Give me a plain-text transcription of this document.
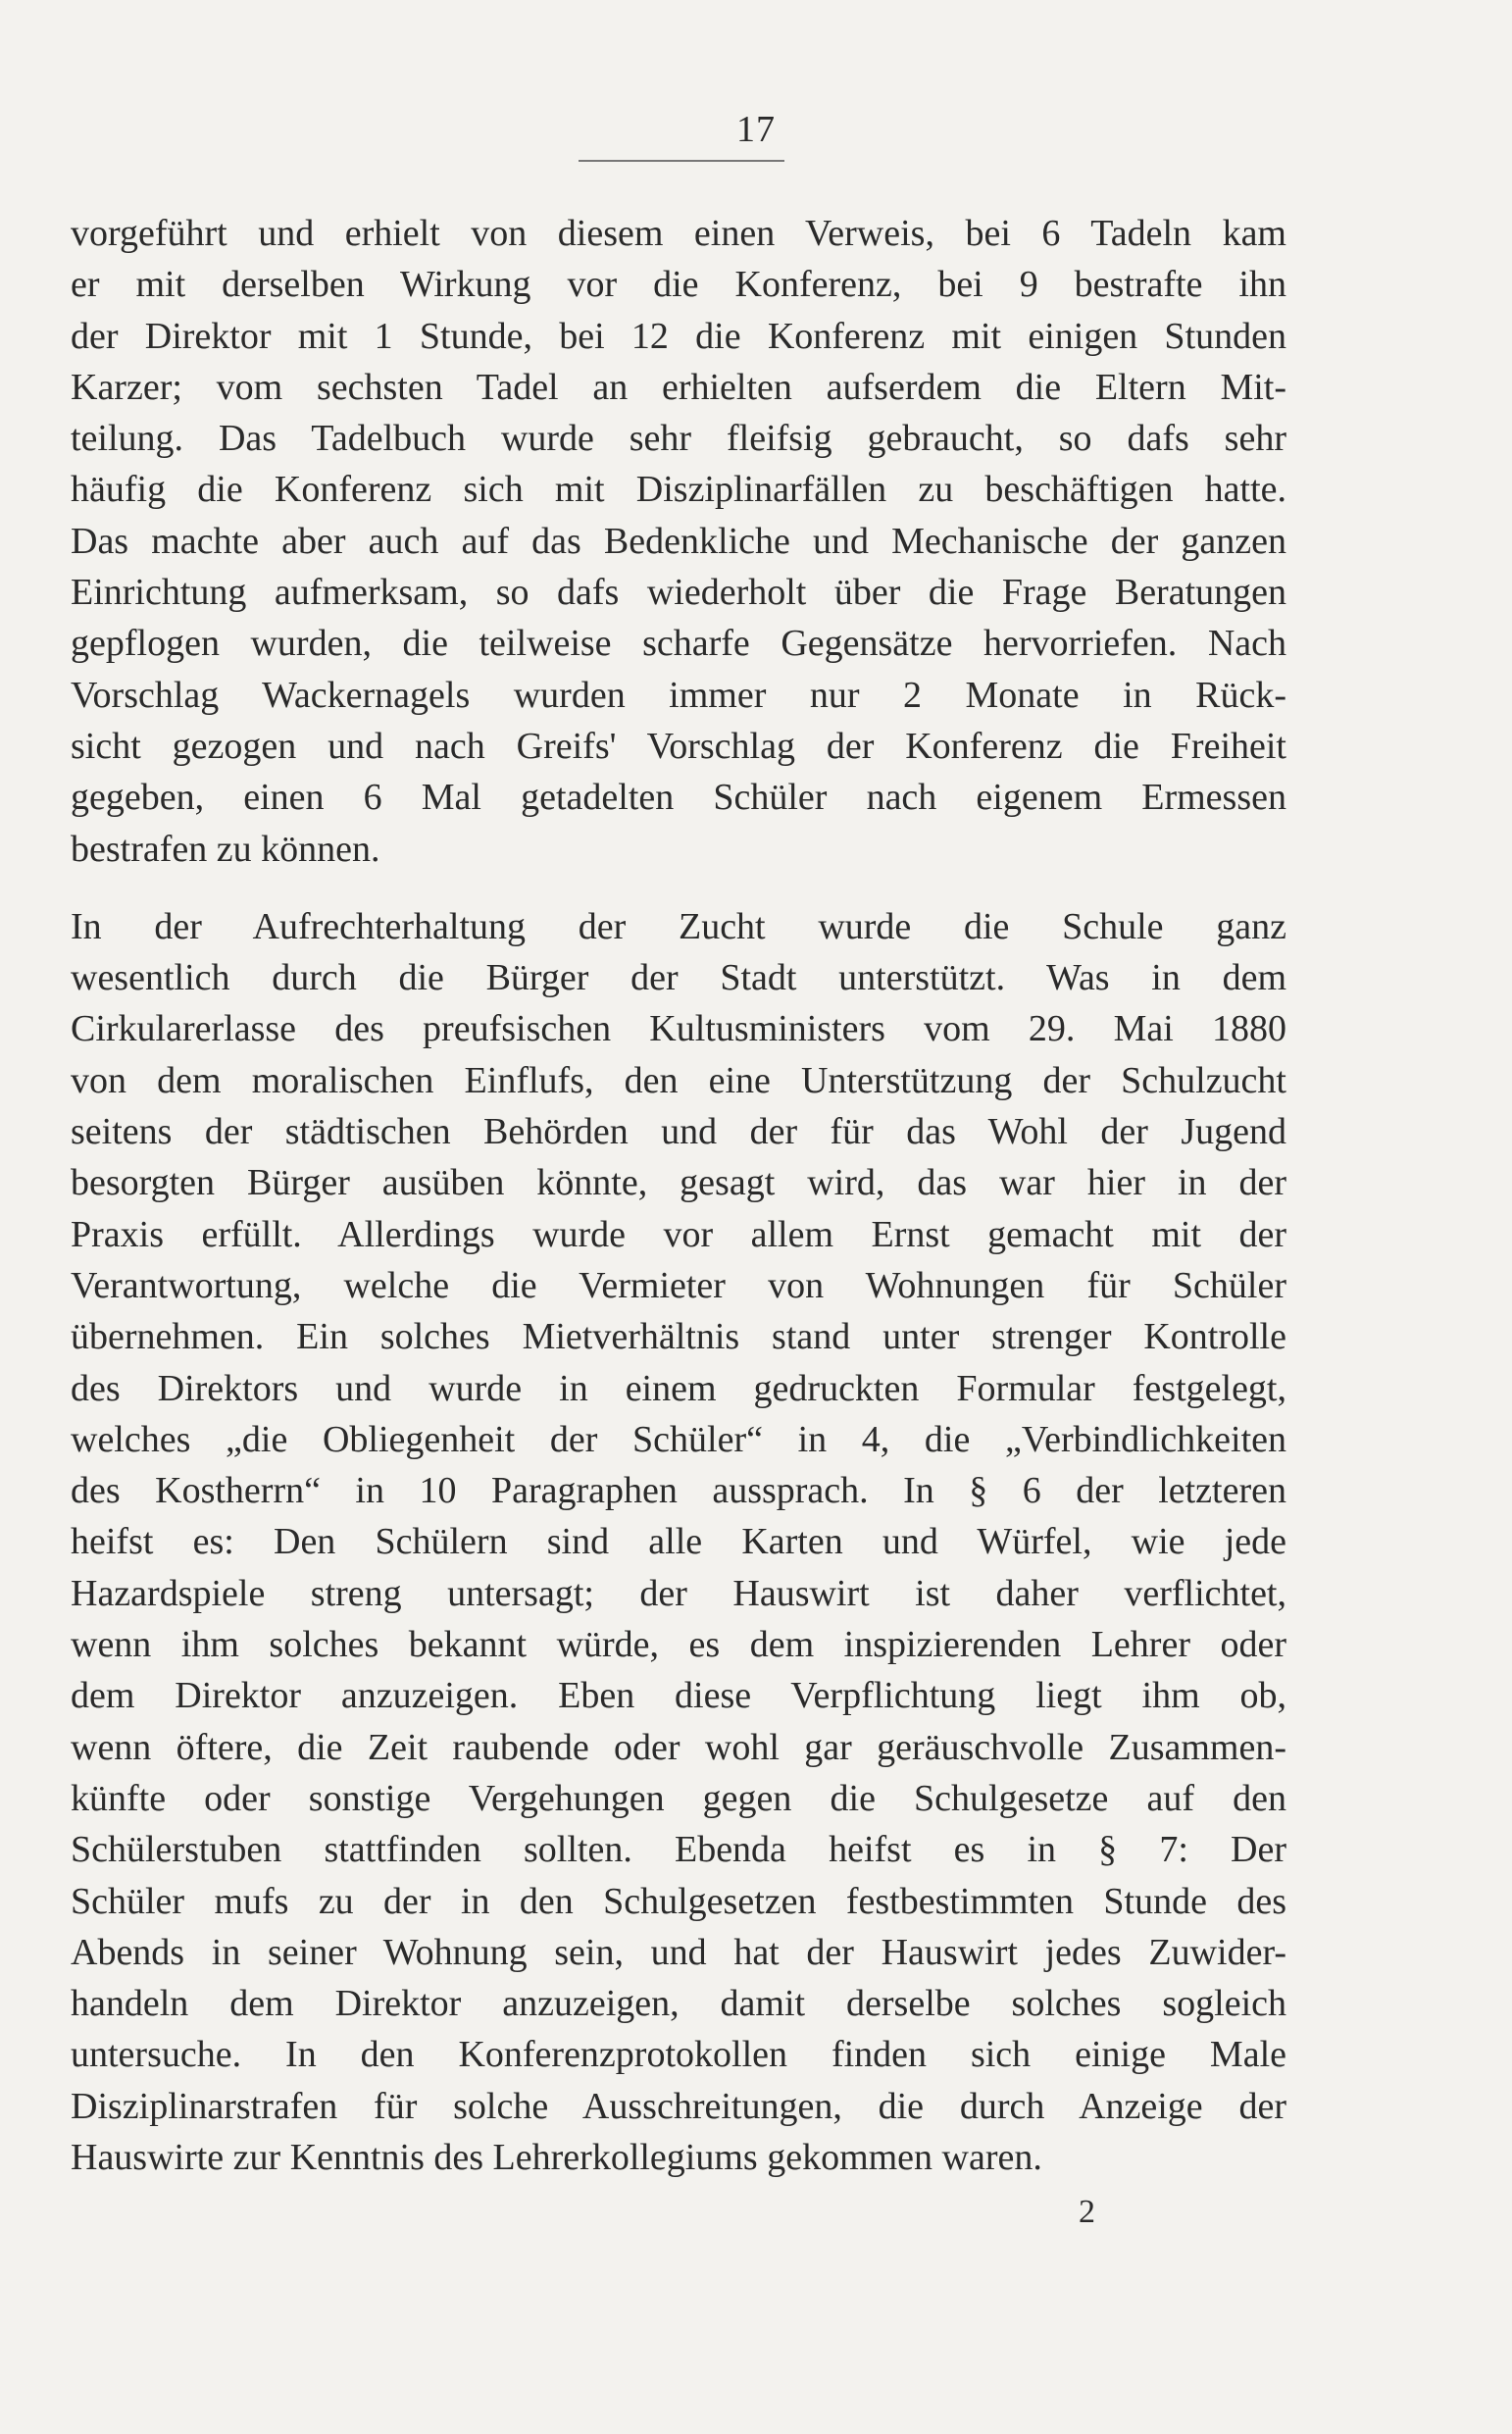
17
vorgeführt und erhielt von diesem einen Verweis, bei 6 Tadeln kam
er mit derselben Wirkung vor die Konferenz, bei 9 bestrafte ihn
der Direktor mit 1 Stunde, bei 12 die Konferenz mit einigen Stunden
Karzer; vom sechsten Tadel an erhielten aufserdem die Eltern Mit-
teilung. Das Tadelbuch wurde sehr fleifsig gebraucht, so dafs sehr
häufig die Konferenz sich mit Disziplinarfällen zu beschäftigen hatte.
Das machte aber auch auf das Bedenkliche und Mechanische der ganzen
Einrichtung aufmerksam, so dafs wiederholt über die Frage Beratungen
gepflogen wurden, die teilweise scharfe Gegensätze hervorriefen. Nach
Vorschlag Wackernagels wurden immer nur 2 Monate in Rück-
sicht gezogen und nach Greifs' Vorschlag der Konferenz die Freiheit
gegeben, einen 6 Mal getadelten Schüler nach eigenem Ermessen
bestrafen zu können.
In der Aufrechterhaltung der Zucht wurde die Schule ganz
wesentlich durch die Bürger der Stadt unterstützt. Was in dem
Cirkularerlasse des preufsischen Kultusministers vom 29. Mai 1880
von dem moralischen Einflufs, den eine Unterstützung der Schulzucht
seitens der städtischen Behörden und der für das Wohl der Jugend
besorgten Bürger ausüben könnte, gesagt wird, das war hier in der
Praxis erfüllt. Allerdings wurde vor allem Ernst gemacht mit der
Verantwortung, welche die Vermieter von Wohnungen für Schüler
übernehmen. Ein solches Mietverhältnis stand unter strenger Kontrolle
des Direktors und wurde in einem gedruckten Formular festgelegt,
welches „die Obliegenheit der Schüler“ in 4, die „Verbindlichkeiten
des Kostherrn“ in 10 Paragraphen aussprach. In § 6 der letzteren
heifst es: Den Schülern sind alle Karten und Würfel, wie jede
Hazardspiele streng untersagt; der Hauswirt ist daher verflichtet,
wenn ihm solches bekannt würde, es dem inspizierenden Lehrer oder
dem Direktor anzuzeigen. Eben diese Verpflichtung liegt ihm ob,
wenn öftere, die Zeit raubende oder wohl gar geräuschvolle Zusammen-
künfte oder sonstige Vergehungen gegen die Schulgesetze auf den
Schülerstuben stattfinden sollten. Ebenda heifst es in § 7: Der
Schüler mufs zu der in den Schulgesetzen festbestimmten Stunde des
Abends in seiner Wohnung sein, und hat der Hauswirt jedes Zuwider-
handeln dem Direktor anzuzeigen, damit derselbe solches sogleich
untersuche. In den Konferenzprotokollen finden sich einige Male
Disziplinarstrafen für solche Ausschreitungen, die durch Anzeige der
Hauswirte zur Kenntnis des Lehrerkollegiums gekommen waren.
2
